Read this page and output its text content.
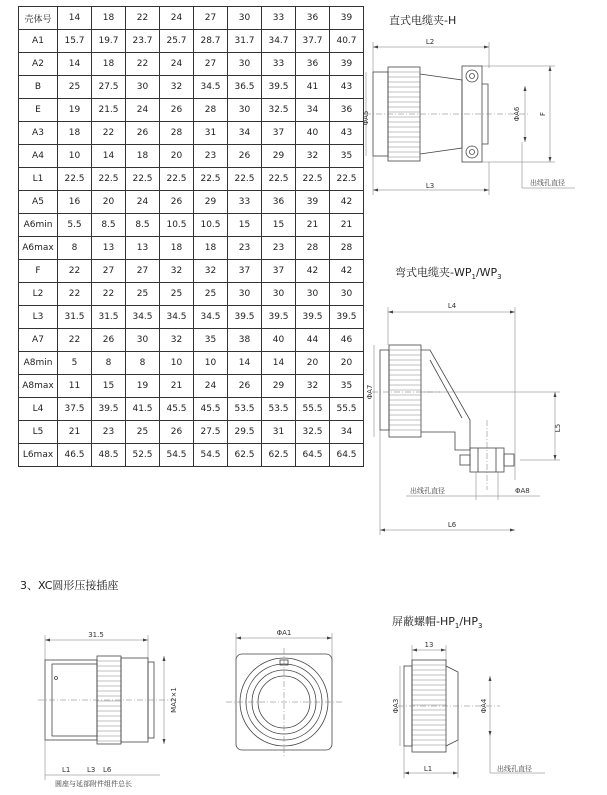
壳体号	14	18	22	24	27	30	33	36	39
A1	15.7	19.7	23.7	25.7	28.7	31.7	34.7	37.7	40.7
A2	14	18	22	24	27	30	33	36	39
B	25	27.5	30	32	34.5	36.5	39.5	41	43
E	19	21.5	24	26	28	30	32.5	34	36
A3	18	22	26	28	31	34	37	40	43
A4	10	14	18	20	23	26	29	32	35
L1	22.5	22.5	22.5	22.5	22.5	22.5	22.5	22.5	22.5
A5	16	20	24	26	29	33	36	39	42
A6min	5.5	8.5	8.5	10.5	10.5	15	15	21	21
A6max	8	13	13	18	18	23	23	28	28
F	22	27	27	32	32	37	37	42	42
L2	22	22	25	25	25	30	30	30	30
L3	31.5	31.5	34.5	34.5	34.5	39.5	39.5	39.5	39.5
A7	22	26	30	32	35	38	40	44	46
A8min	5	8	8	10	10	14	14	20	20
A8max	11	15	19	21	24	26	29	32	35
L4	37.5	39.5	41.5	45.5	45.5	53.5	53.5	55.5	55.5
L5	21	23	25	26	27.5	29.5	31	32.5	34
L6max	46.5	48.5	52.5	54.5	54.5	62.5	62.5	64.5	64.5
直式电缆夹-H
L2
ΦA5	ΦA6	F
L3	出线孔直径
L4
ΦA7
L5
出线孔直径	ΦA8
L6
31.5
MA2×1
L1 L3 L6
圆座与延部附件组件总长
ΦA1
13
ΦA3	ΦA4
L1	出线孔直径
弯式电缆夹$-WP_1/WP_3$
3、XC圆形压接插座
屏蔽螺帽$-HP_1/HP_3$
